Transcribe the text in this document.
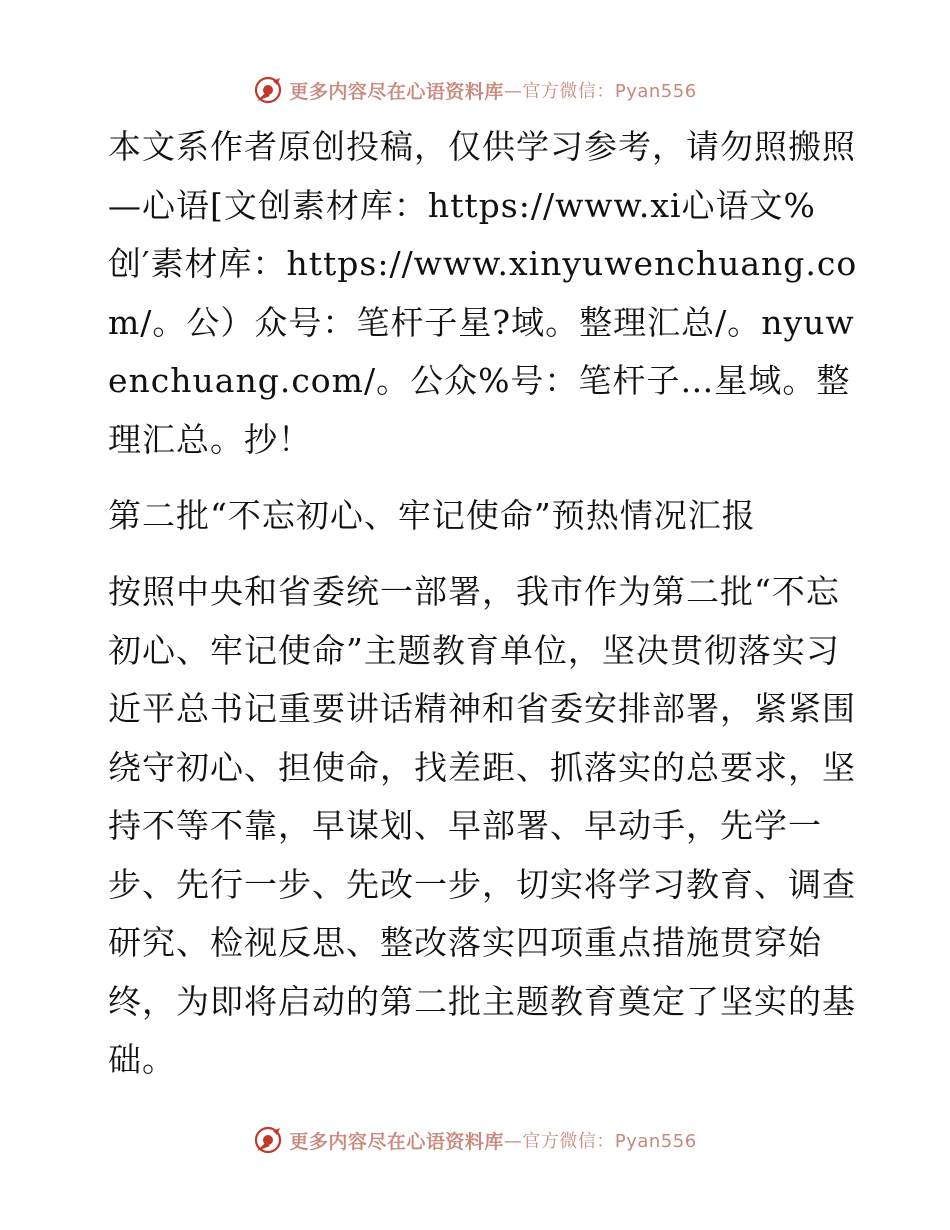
更多内容尽在心语资料库 —官方微信：Pyan556

本文系作者原创投稿，仅供学习参考，请勿照搬照—心语[文创素材库：https://www.xi心语文%创′素材库：https://www.xinyuwenchuang.com/。公）众号：笔杆子星?域。整理汇总/。nyuwenchuang.com/。公众%号：笔杆子…星域。整理汇总。抄！

第二批“不忘初心、牢记使命”预热情况汇报

按照中央和省委统一部署，我市作为第二批“不忘初心、牢记使命”主题教育单位，坚决贯彻落实习近平总书记重要讲话精神和省委安排部署，紧紧围绕守初心、担使命，找差距、抓落实的总要求，坚持不等不靠，早谋划、早部署、早动手，先学一步、先行一步、先改一步，切实将学习教育、调查研究、检视反思、整改落实四项重点措施贯穿始终，为即将启动的第二批主题教育奠定了坚实的基础。

更多内容尽在心语资料库 —官方微信：Pyan556
